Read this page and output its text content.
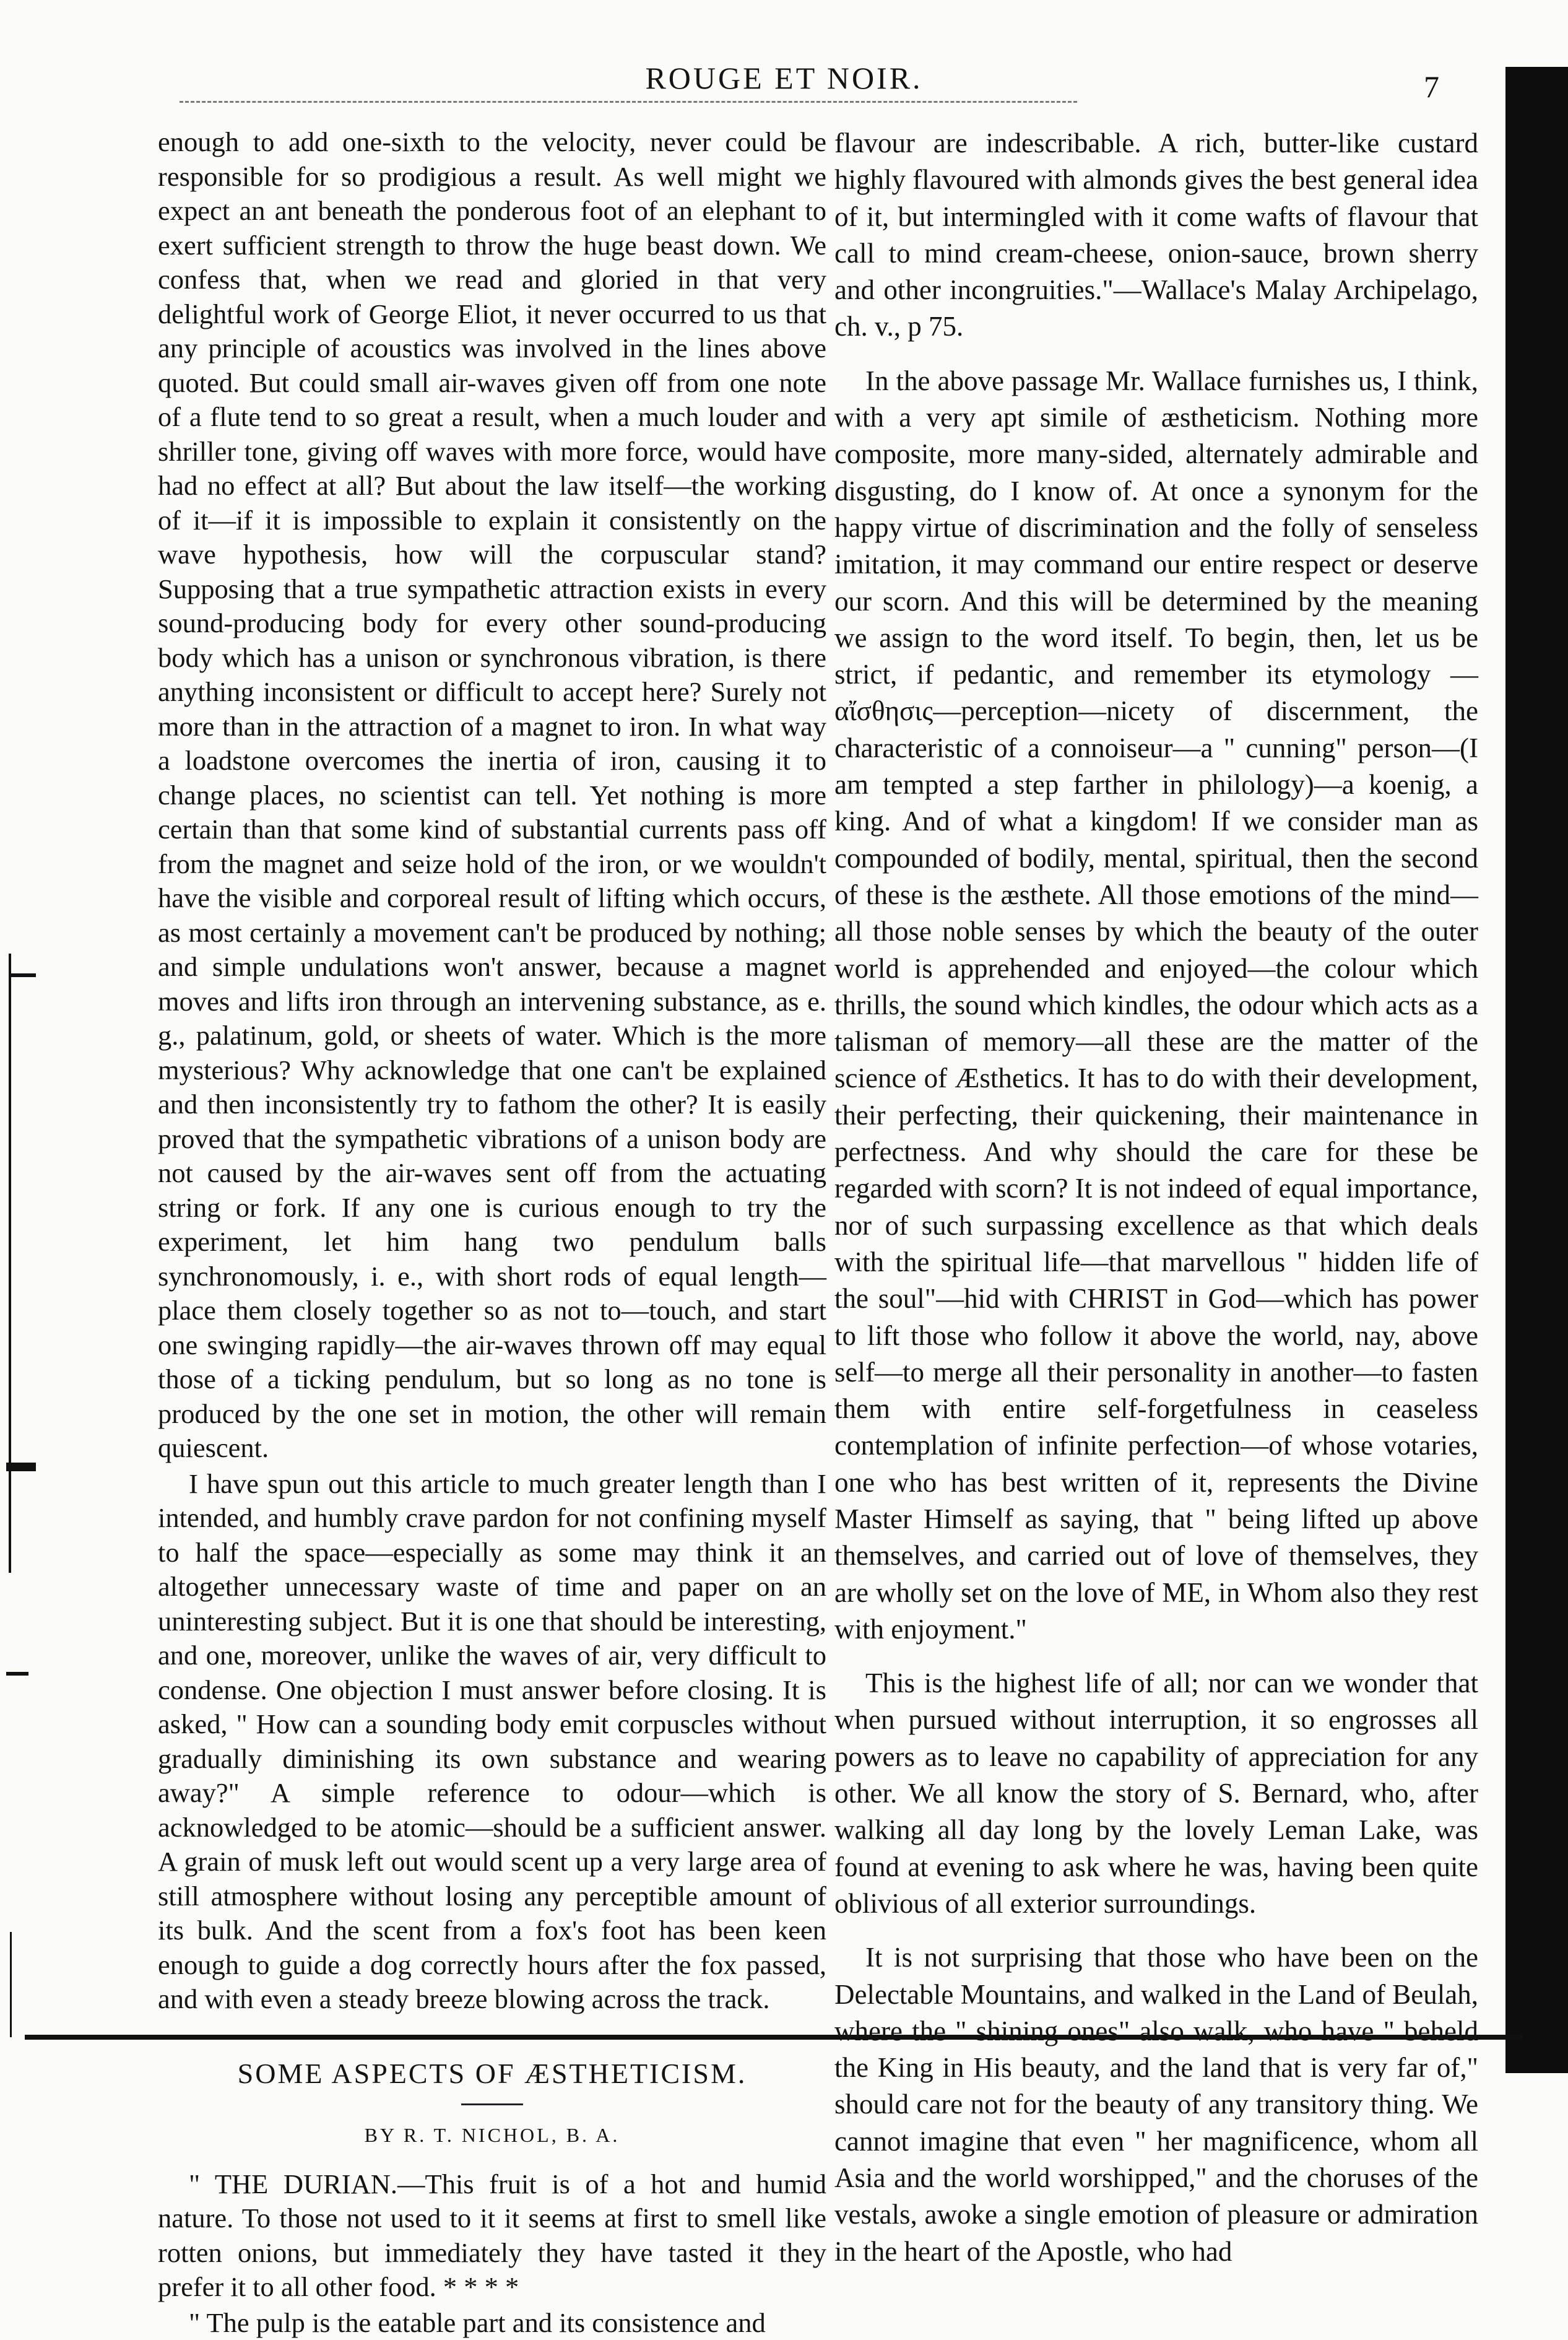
ROUGE ET NOIR.	7

enough to add one-sixth to the velocity, never could be responsible for so prodigious a result. As well might we expect an ant beneath the ponderous foot of an elephant to exert sufficient strength to throw the huge beast down. We confess that, when we read and gloried in that very delightful work of George Eliot, it never occurred to us that any principle of acoustics was involved in the lines above quoted. But could small air-waves given off from one note of a flute tend to so great a result, when a much louder and shriller tone, giving off waves with more force, would have had no effect at all? But about the law itself—the working of it—if it is impossible to explain it consistently on the wave hypothesis, how will the corpuscular stand? Supposing that a true sympathetic attraction exists in every sound-producing body for every other sound-producing body which has a unison or synchronous vibration, is there anything inconsistent or difficult to accept here? Surely not more than in the attraction of a magnet to iron. In what way a loadstone overcomes the inertia of iron, causing it to change places, no scientist can tell. Yet nothing is more certain than that some kind of substantial currents pass off from the magnet and seize hold of the iron, or we wouldn't have the visible and corporeal result of lifting which occurs, as most certainly a movement can't be produced by nothing; and simple undulations won't answer, because a magnet moves and lifts iron through an intervening substance, as e. g., palatinum, gold, or sheets of water. Which is the more mysterious? Why acknowledge that one can't be explained and then inconsistently try to fathom the other? It is easily proved that the sympathetic vibrations of a unison body are not caused by the air-waves sent off from the actuating string or fork. If any one is curious enough to try the experiment, let him hang two pendulum balls synchronomously, i. e., with short rods of equal length—place them closely together so as not to—touch, and start one swinging rapidly—the air-waves thrown off may equal those of a ticking pendulum, but so long as no tone is produced by the one set in motion, the other will remain quiescent.

I have spun out this article to much greater length than I intended, and humbly crave pardon for not confining myself to half the space—especially as some may think it an altogether unnecessary waste of time and paper on an uninteresting subject. But it is one that should be interesting, and one, moreover, unlike the waves of air, very difficult to condense. One objection I must answer before closing. It is asked, " How can a sounding body emit corpuscles without gradually diminishing its own substance and wearing away?" A simple reference to odour—which is acknowledged to be atomic—should be a sufficient answer. A grain of musk left out would scent up a very large area of still atmosphere without losing any perceptible amount of its bulk. And the scent from a fox's foot has been keen enough to guide a dog correctly hours after the fox passed, and with even a steady breeze blowing across the track.

SOME ASPECTS OF ÆSTHETICISM.
BY R. T. NICHOL, B. A.

" THE DURIAN.—This fruit is of a hot and humid nature. To those not used to it it seems at first to smell like rotten onions, but immediately they have tasted it they prefer it to all other food. * * * *

" The pulp is the eatable part and its consistence and

flavour are indescribable. A rich, butter-like custard highly flavoured with almonds gives the best general idea of it, but intermingled with it come wafts of flavour that call to mind cream-cheese, onion-sauce, brown sherry and other incongruities."—Wallace's Malay Archipelago, ch. v., p 75.

In the above passage Mr. Wallace furnishes us, I think, with a very apt simile of æstheticism. Nothing more composite, more many-sided, alternately admirable and disgusting, do I know of. At once a synonym for the happy virtue of discrimination and the folly of senseless imitation, it may command our entire respect or deserve our scorn. And this will be determined by the meaning we assign to the word itself. To begin, then, let us be strict, if pedantic, and remember its etymology —αἴσθησις—perception—nicety of discernment, the characteristic of a connoiseur—a " cunning" person—(I am tempted a step farther in philology)—a koenig, a king. And of what a kingdom! If we consider man as compounded of bodily, mental, spiritual, then the second of these is the æsthete. All those emotions of the mind—all those noble senses by which the beauty of the outer world is apprehended and enjoyed—the colour which thrills, the sound which kindles, the odour which acts as a talisman of memory—all these are the matter of the science of Æsthetics. It has to do with their development, their perfecting, their quickening, their maintenance in perfectness. And why should the care for these be regarded with scorn? It is not indeed of equal importance, nor of such surpassing excellence as that which deals with the spiritual life—that marvellous " hidden life of the soul"—hid with CHRIST in God—which has power to lift those who follow it above the world, nay, above self—to merge all their personality in another—to fasten them with entire self-forgetfulness in ceaseless contemplation of infinite perfection—of whose votaries, one who has best written of it, represents the Divine Master Himself as saying, that " being lifted up above themselves, and carried out of love of themselves, they are wholly set on the love of ME, in Whom also they rest with enjoyment."

This is the highest life of all; nor can we wonder that when pursued without interruption, it so engrosses all powers as to leave no capability of appreciation for any other. We all know the story of S. Bernard, who, after walking all day long by the lovely Leman Lake, was found at evening to ask where he was, having been quite oblivious of all exterior surroundings.

It is not surprising that those who have been on the Delectable Mountains, and walked in the Land of Beulah, where the " shining ones" also walk, who have " beheld the King in His beauty, and the land that is very far of," should care not for the beauty of any transitory thing. We cannot imagine that even " her magnificence, whom all Asia and the world worshipped," and the choruses of the vestals, awoke a single emotion of pleasure or admiration in the heart of the Apostle, who had
